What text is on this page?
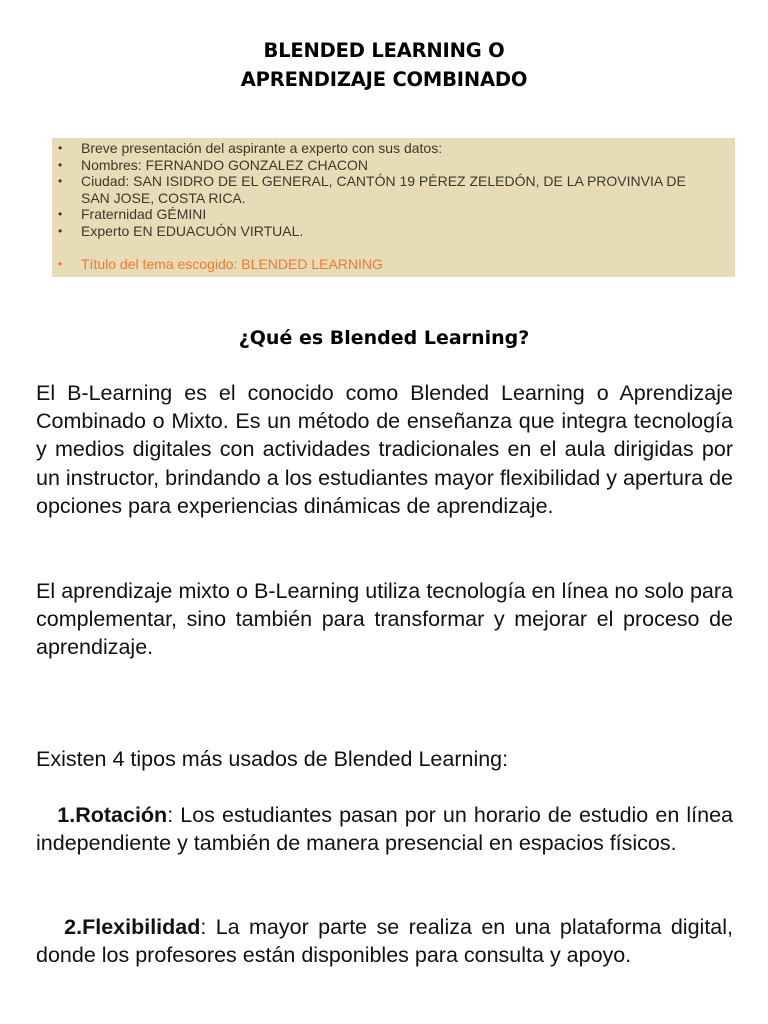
BLENDED LEARNING O
APRENDIZAJE COMBINADO
• Breve presentación del aspirante a experto con sus datos:
• Nombres: FERNANDO GONZALEZ CHACON
• Ciudad: SAN ISIDRO DE EL GENERAL, CANTÓN 19 PÉREZ ZELEDÓN, DE LA PROVINVIA DE SAN JOSE, COSTA RICA.
• Fraternidad GÉMINI
• Experto EN EDUACUÓN VIRTUAL.
• Título del tema escogido: BLENDED LEARNING
¿Qué es Blended Learning?

El B-Learning es el conocido como Blended Learning o Aprendizaje Combinado o Mixto. Es un método de enseñanza que integra tecnología y medios digitales con actividades tradicionales en el aula dirigidas por un instructor, brindando a los estudiantes mayor flexibilidad y apertura de opciones para experiencias dinámicas de aprendizaje.

El aprendizaje mixto o B-Learning utiliza tecnología en línea no solo para complementar, sino también para transformar y mejorar el proceso de aprendizaje.

Existen 4 tipos más usados de Blended Learning:

1.Rotación: Los estudiantes pasan por un horario de estudio en línea independiente y también de manera presencial en espacios físicos.

2.Flexibilidad: La mayor parte se realiza en una plataforma digital, donde los profesores están disponibles para consulta y apoyo.
